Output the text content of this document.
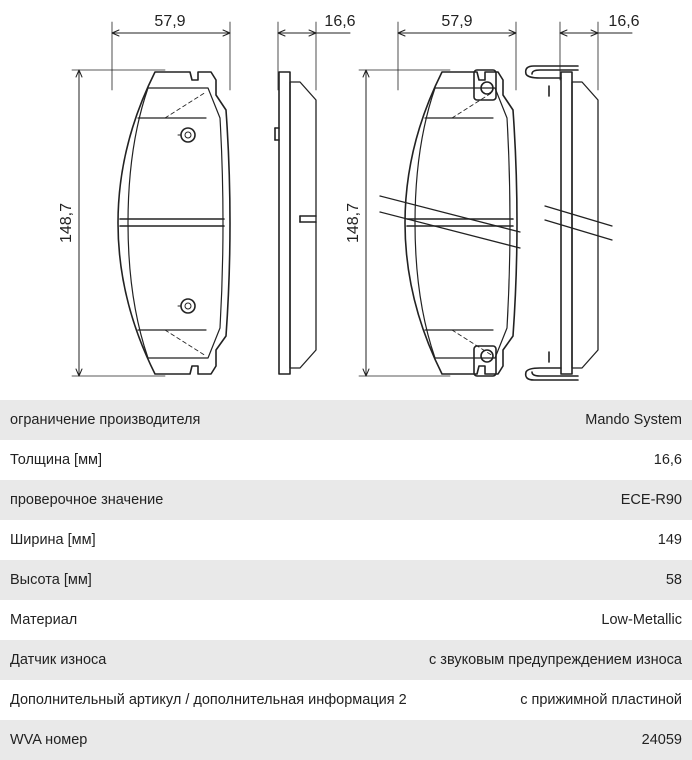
57,9
148,7
16,6	57,9
148,7
16,6
ограничение производителя	Mando System
Толщина [мм]	16,6
проверочное значение	ECE-R90
Ширина [мм]	149
Высота [мм]	58
Материал	Low-Metallic
Датчик износа	с звуковым предупреждением износа
Дополнительный артикул / дополнительная информация 2	с прижимной пластиной
WVA номер	24059
